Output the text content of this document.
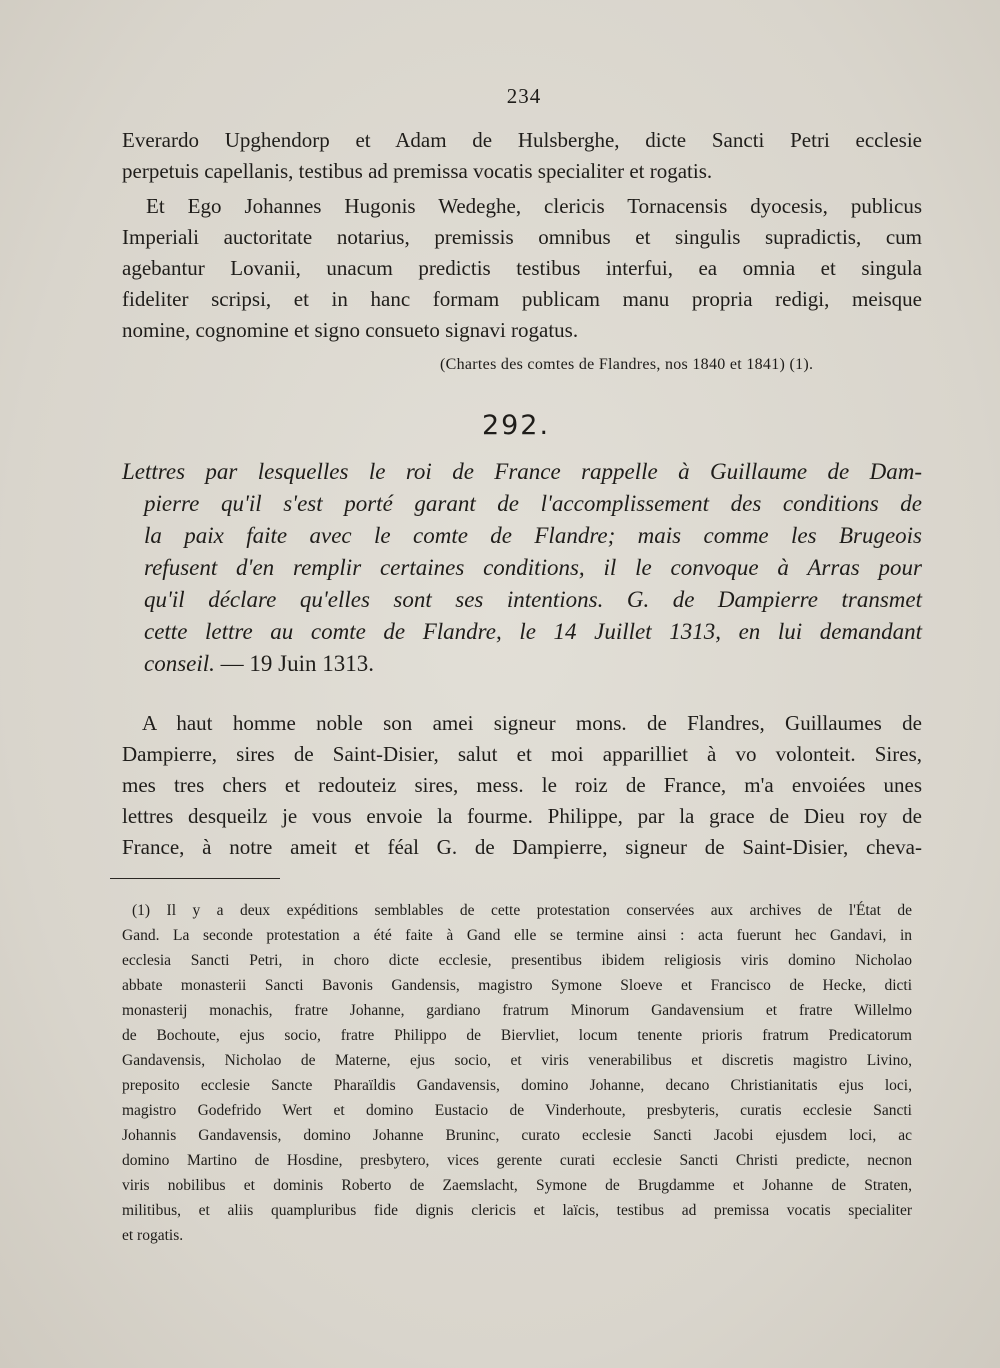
234

Everardo Upghendorp et Adam de Hulsberghe, dicte Sancti Petri ecclesie
perpetuis capellanis, testibus ad premissa vocatis specialiter et rogatis.

Et Ego Johannes Hugonis Wedeghe, clericis Tornacensis dyocesis, publicus
Imperiali auctoritate notarius, premissis omnibus et singulis supradictis, cum
agebantur Lovanii, unacum predictis testibus interfui, ea omnia et singula
fideliter scripsi, et in hanc formam publicam manu propria redigi, meisque
nomine, cognomine et signo consueto signavi rogatus.

(Chartes des comtes de Flandres, nos 1840 et 1841) (1).
292.
Lettres par lesquelles le roi de France rappelle à Guillaume de Dam-
pierre qu'il s'est porté garant de l'accomplissement des conditions de
la paix faite avec le comte de Flandre; mais comme les Brugeois
refusent d'en remplir certaines conditions, il le convoque à Arras pour
qu'il déclare qu'elles sont ses intentions. G. de Dampierre transmet
cette lettre au comte de Flandre, le 14 Juillet 1313, en lui demandant
conseil. — 19 Juin 1313.

A haut homme noble son amei signeur mons. de Flandres, Guillaumes de
Dampierre, sires de Saint-Disier, salut et moi apparilliet à vo volonteit. Sires,
mes tres chers et redouteiz sires, mess. le roiz de France, m'a envoiées unes
lettres desqueilz je vous envoie la fourme. Philippe, par la grace de Dieu roy de
France, à notre ameit et féal G. de Dampierre, signeur de Saint-Disier, cheva-

(1) Il y a deux expéditions semblables de cette protestation conservées aux archives de l'État de
Gand. La seconde protestation a été faite à Gand elle se termine ainsi : acta fuerunt hec Gandavi, in
ecclesia Sancti Petri, in choro dicte ecclesie, presentibus ibidem religiosis viris domino Nicholao
abbate monasterii Sancti Bavonis Gandensis, magistro Symone Sloeve et Francisco de Hecke, dicti
monasterij monachis, fratre Johanne, gardiano fratrum Minorum Gandavensium et fratre Willelmo
de Bochoute, ejus socio, fratre Philippo de Biervliet, locum tenente prioris fratrum Predicatorum
Gandavensis, Nicholao de Materne, ejus socio, et viris venerabilibus et discretis magistro Livino,
preposito ecclesie Sancte Pharaïldis Gandavensis, domino Johanne, decano Christianitatis ejus loci,
magistro Godefrido Wert et domino Eustacio de Vinderhoute, presbyteris, curatis ecclesie Sancti
Johannis Gandavensis, domino Johanne Bruninc, curato ecclesie Sancti Jacobi ejusdem loci, ac
domino Martino de Hosdine, presbytero, vices gerente curati ecclesie Sancti Christi predicte, necnon
viris nobilibus et dominis Roberto de Zaemslacht, Symone de Brugdamme et Johanne de Straten,
militibus, et aliis quampluribus fide dignis clericis et laïcis, testibus ad premissa vocatis specialiter
et rogatis.
